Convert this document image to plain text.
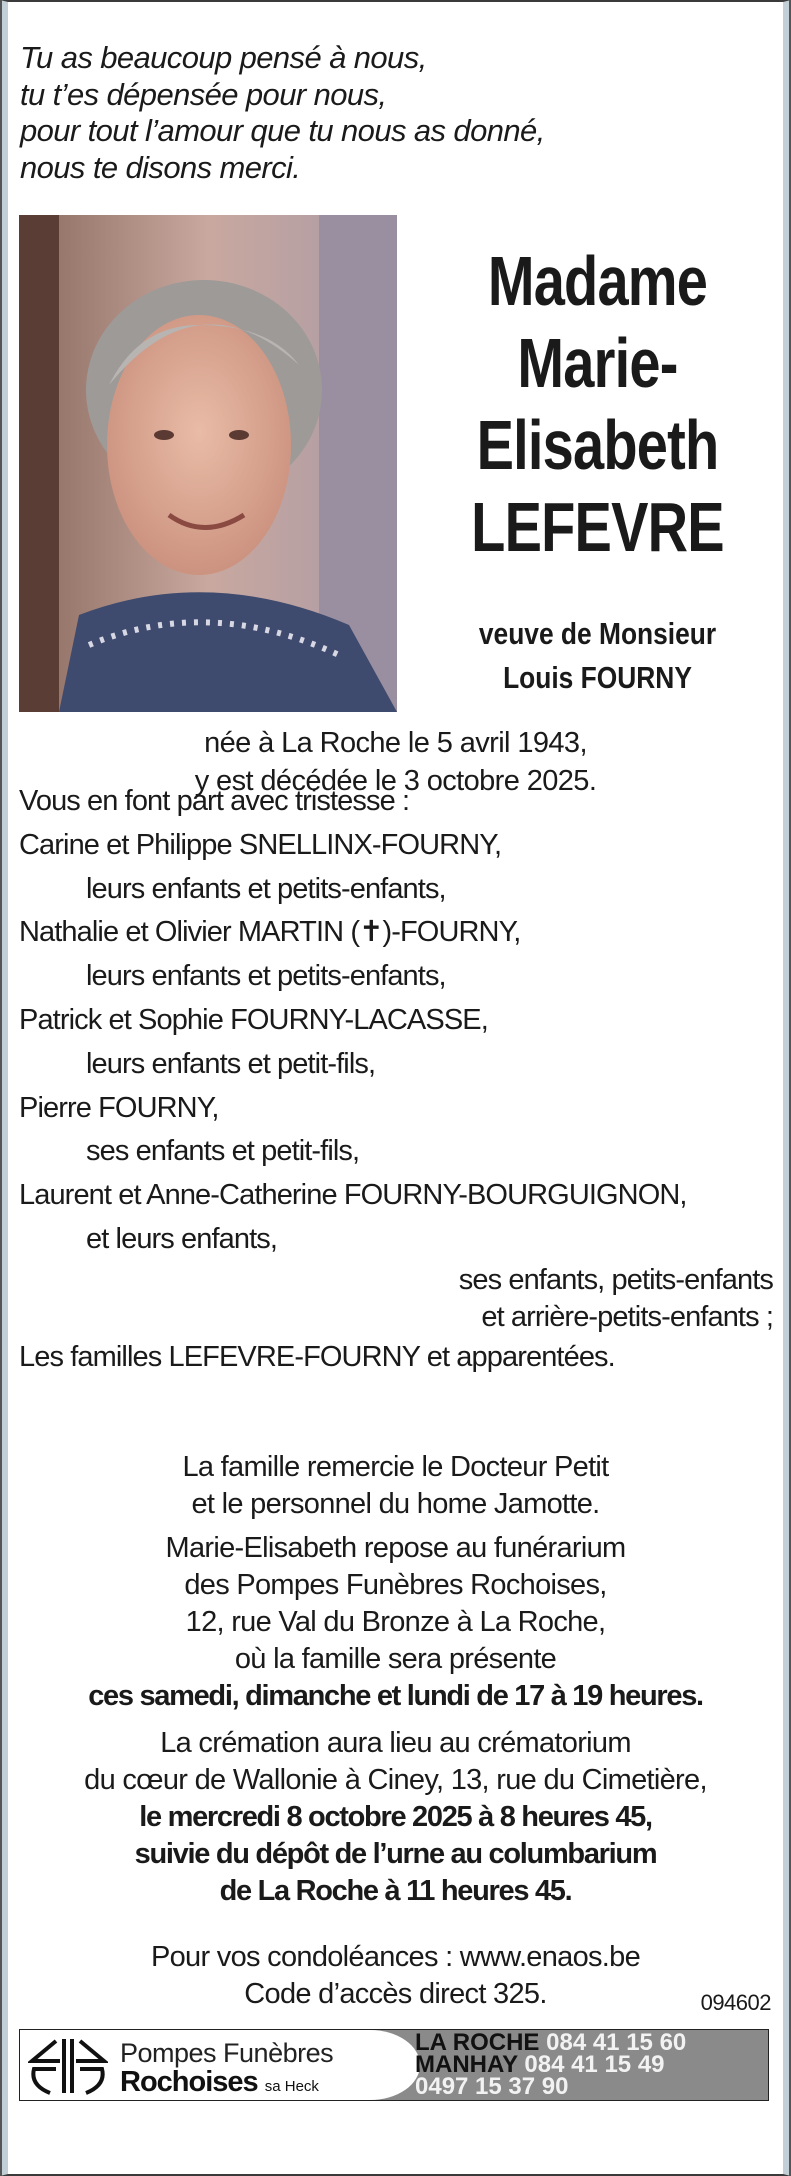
Tu as beaucoup pensé à nous,
tu t’es dépensée pour nous,
pour tout l’amour que tu nous as donné,
nous te disons merci.
Madame
Marie-
Elisabeth
LEFEVRE
veuve de Monsieur
Louis FOURNY
née à La Roche le 5 avril 1943,
y est décédée le 3 octobre 2025.
Vous en font part avec tristesse :
Carine et Philippe SNELLINX-FOURNY,
leurs enfants et petits-enfants,
Nathalie et Olivier MARTIN (✝)-FOURNY,
leurs enfants et petits-enfants,
Patrick et Sophie FOURNY-LACASSE,
leurs enfants et petit-fils,
Pierre FOURNY,
ses enfants et petit-fils,
Laurent et Anne-Catherine FOURNY-BOURGUIGNON,
et leurs enfants,
ses enfants, petits-enfants
et arrière-petits-enfants ;
Les familles LEFEVRE-FOURNY et apparentées.
La famille remercie le Docteur Petit
et le personnel du home Jamotte.
Marie-Elisabeth repose au funérarium
des Pompes Funèbres Rochoises,
12, rue Val du Bronze à La Roche,
où la famille sera présente
ces samedi, dimanche et lundi de 17 à 19 heures.
La crémation aura lieu au crématorium
du cœur de Wallonie à Ciney, 13, rue du Cimetière,
le mercredi 8 octobre 2025 à 8 heures 45,
suivie du dépôt de l’urne au columbarium
de La Roche à 11 heures 45.
Pour vos condoléances : www.enaos.be
Code d’accès direct 325.	094602
Pompes Funèbres
Rochoises sa Heck
LA ROCHE 084 41 15 60
MANHAY 084 41 15 49
0497 15 37 90
